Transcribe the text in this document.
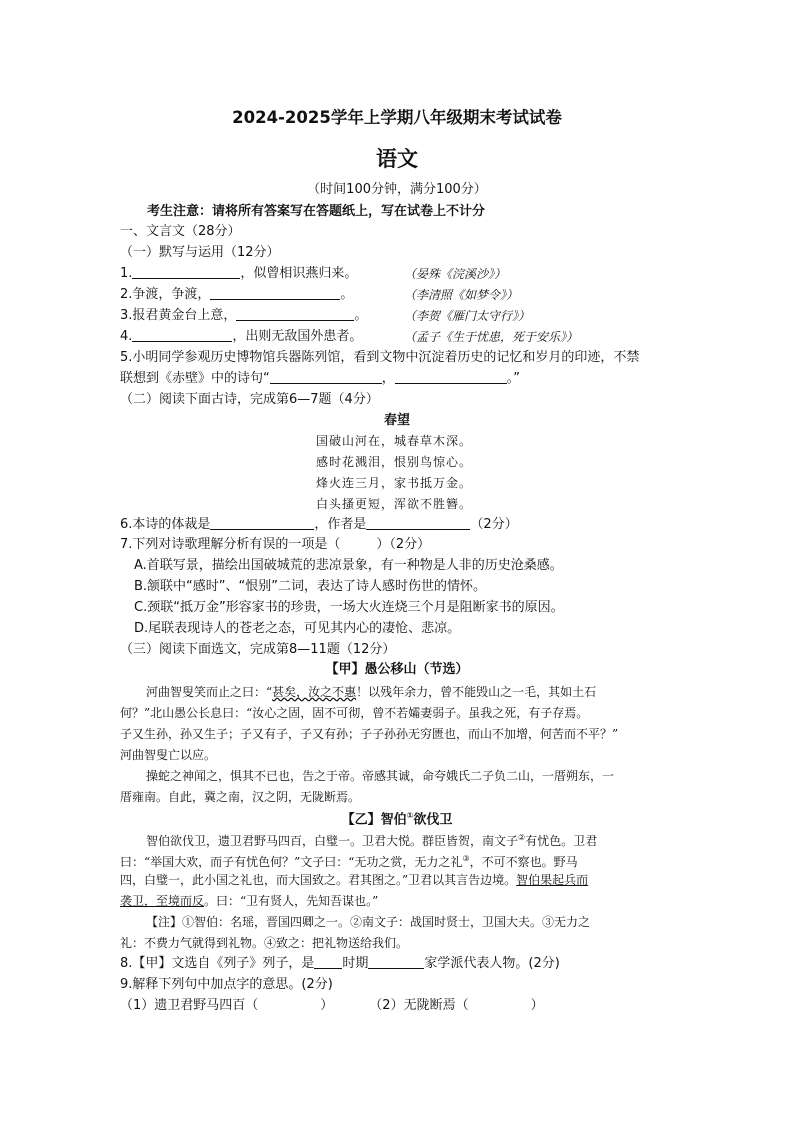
2024-2025学年上学期八年级期末考试试卷
语文
（时间100分钟，满分100分）
考生注意：请将所有答案写在答题纸上，写在试卷上不计分
一、文言文（28分）
（一）默写与运用（12分）
1.	，似曾相识燕归来。	（晏殊《浣溪沙》）
2.争渡，争渡，	。	（李清照《如梦令》）
3.报君黄金台上意，	。	（李贺《雁门太守行》）
4.	，出则无敌国外患者。	（孟子《生于忧患，死于安乐》）
5.小明同学参观历史博物馆兵器陈列馆，看到文物中沉淀着历史的记忆和岁月的印迹，不禁
联想到《赤壁》中的诗句“	，	。”
（二）阅读下面古诗，完成第6—7题（4分）
春望
国破山河在，城春草木深。
感时花溅泪，恨别鸟惊心。
烽火连三月，家书抵万金。
白头搔更短，浑欲不胜簪。
6.本诗的体裁是	，作者是	（2分）
7.下列对诗歌理解分析有误的一项是（	）（2分）
A.首联写景，描绘出国破城荒的悲凉景象，有一种物是人非的历史沧桑感。
B.颔联中“感时”、“恨别”二词，表达了诗人感时伤世的情怀。
C.颈联“抵万金”形容家书的珍贵，一场大火连烧三个月是阻断家书的原因。
D.尾联表现诗人的苍老之态，可见其内心的凄怆、悲凉。
（三）阅读下面选文，完成第8—11题（12分）
【甲】愚公移山（节选）
河曲智叟笑而止之曰：“甚矣，汝之不惠！以残年余力，曾不能毁山之一毛，其如土石
何？”北山愚公长息曰：“汝心之固，固不可彻，曾不若孀妻弱子。虽我之死，有子存焉。
子又生孙，孙又生子；子又有子，子又有孙；子子孙孙无穷匮也，而山不加增，何苦而不平？”
河曲智叟亡以应。
操蛇之神闻之，惧其不已也，告之于帝。帝感其诚，命夸娥氏二子负二山，一厝朔东，一
厝雍南。自此，冀之南，汉之阴，无陇断焉。
【乙】智伯①欲伐卫
智伯欲伐卫，遗卫君野马四百，白璧一。卫君大悦。群臣皆贺，南文子②有忧色。卫君
曰：“举国大欢，而子有忧色何？”文子曰：“无功之赏，无力之礼③，不可不察也。野马
四，白璧一，此小国之礼也，而大国致之。君其图之。”卫君以其言告边境。智伯果起兵而
袭卫，至境而反。曰：“卫有贤人，先知吾谋也。”
【注】①智伯：名瑶，晋国四卿之一。②南文子：战国时贤士，卫国大夫。③无力之
礼：不费力气就得到礼物。④致之：把礼物送给我们。
8.【甲】文选自《列子》列子，是 时期	家学派代表人物。(2分)
9.解释下列句中加点字的意思。(2分)
（1）遗卫君野马四百（	）	（2）无陇断焉（	）
